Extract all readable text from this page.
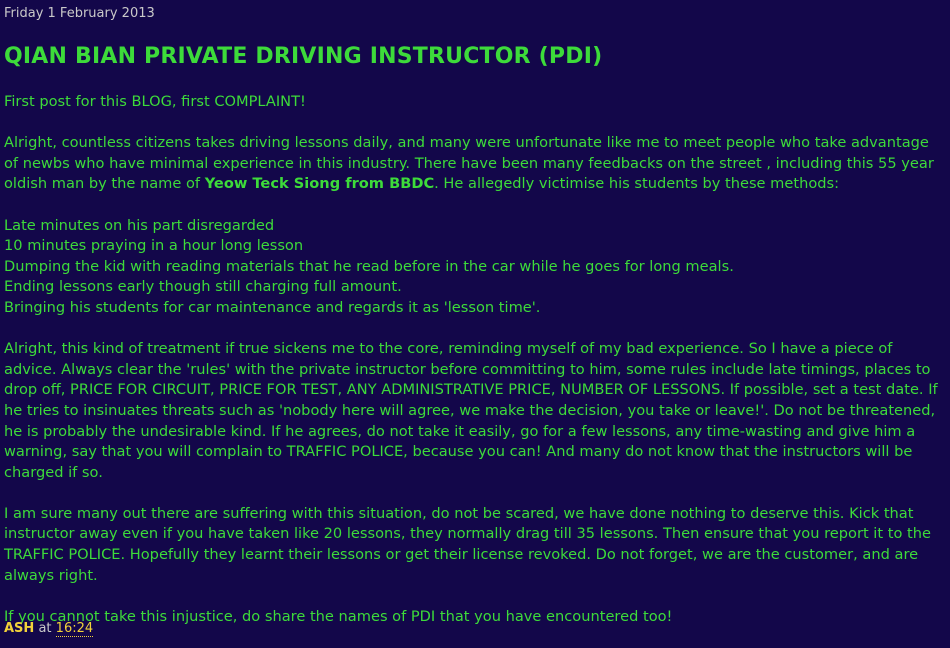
Friday 1 February 2013
QIAN BIAN PRIVATE DRIVING INSTRUCTOR (PDI)

First post for this BLOG, first COMPLAINT!

Alright, countless citizens takes driving lessons daily, and many were unfortunate like me to meet people who take advantage of newbs who have minimal experience in this industry. There have been many feedbacks on the street , including this 55 year oldish man by the name of Yeow Teck Siong from BBDC. He allegedly victimise his students by these methods:

Late minutes on his part disregarded

10 minutes praying in a hour long lesson

Dumping the kid with reading materials that he read before in the car while he goes for long meals.

Ending lessons early though still charging full amount.

Bringing his students for car maintenance and regards it as 'lesson time'.

Alright, this kind of treatment if true sickens me to the core, reminding myself of my bad experience. So I have a piece of advice. Always clear the 'rules' with the private instructor before committing to him, some rules include late timings, places to drop off, PRICE FOR CIRCUIT, PRICE FOR TEST, ANY ADMINISTRATIVE PRICE, NUMBER OF LESSONS. If possible, set a test date. If he tries to insinuates threats such as 'nobody here will agree, we make the decision, you take or leave!'. Do not be threatened, he is probably the undesirable kind. If he agrees, do not take it easily, go for a few lessons, any time-wasting and give him a warning, say that you will complain to TRAFFIC POLICE, because you can! And many do not know that the instructors will be charged if so.

I am sure many out there are suffering with this situation, do not be scared, we have done nothing to deserve this. Kick that instructor away even if you have taken like 20 lessons, they normally drag till 35 lessons. Then ensure that you report it to the TRAFFIC POLICE. Hopefully they learnt their lessons or get their license revoked. Do not forget, we are the customer, and are always right.

If you cannot take this injustice, do share the names of PDI that you have encountered too!

ASH at 16:24
